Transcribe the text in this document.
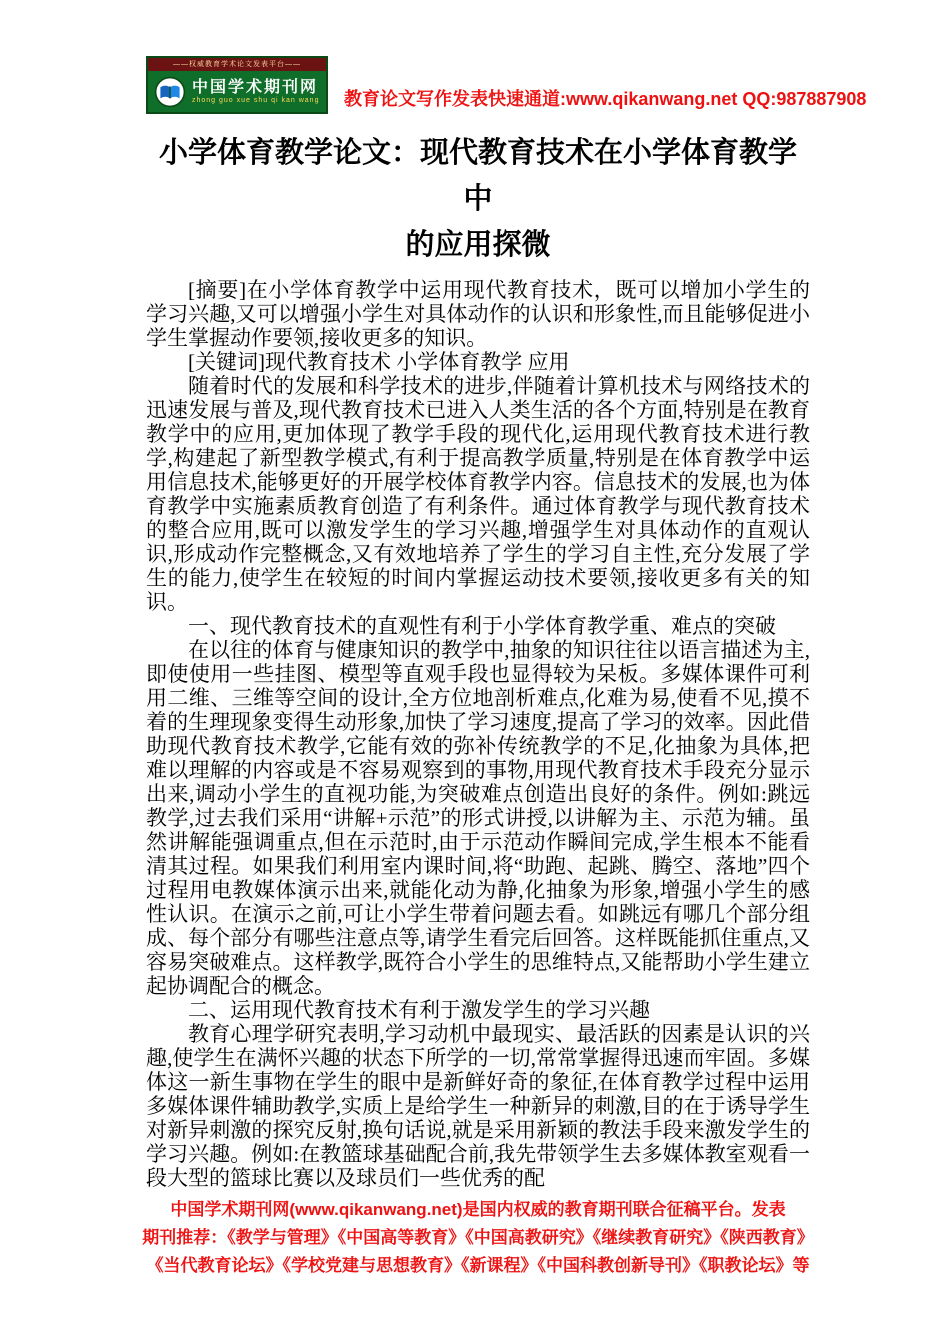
——权威教育学术论文发表平台——
中国学术期刊网
zhong guo xue shu qi kan wang 教育论文写作发表快速通道:www.qikanwang.net QQ:987887908
小学体育教学论文：现代教育技术在小学体育教学中
的应用探微

[摘要]在小学体育教学中运用现代教育技术，既可以增加小学生的学习兴趣,又可以增强小学生对具体动作的认识和形象性,而且能够促进小学生掌握动作要领,接收更多的知识。

[关键词]现代教育技术 小学体育教学 应用

随着时代的发展和科学技术的进步,伴随着计算机技术与网络技术的迅速发展与普及,现代教育技术已进入人类生活的各个方面,特别是在教育教学中的应用,更加体现了教学手段的现代化,运用现代教育技术进行教学,构建起了新型教学模式,有利于提高教学质量,特别是在体育教学中运用信息技术,能够更好的开展学校体育教学内容。信息技术的发展,也为体育教学中实施素质教育创造了有利条件。通过体育教学与现代教育技术的整合应用,既可以激发学生的学习兴趣,增强学生对具体动作的直观认识,形成动作完整概念,又有效地培养了学生的学习自主性,充分发展了学生的能力,使学生在较短的时间内掌握运动技术要领,接收更多有关的知识。

一、现代教育技术的直观性有利于小学体育教学重、难点的突破

在以往的体育与健康知识的教学中,抽象的知识往往以语言描述为主,即使使用一些挂图、模型等直观手段也显得较为呆板。多媒体课件可利用二维、三维等空间的设计,全方位地剖析难点,化难为易,使看不见,摸不着的生理现象变得生动形象,加快了学习速度,提高了学习的效率。因此借助现代教育技术教学,它能有效的弥补传统教学的不足,化抽象为具体,把难以理解的内容或是不容易观察到的事物,用现代教育技术手段充分显示出来,调动小学生的直视功能,为突破难点创造出良好的条件。例如:跳远教学,过去我们采用“讲解+示范”的形式讲授,以讲解为主、示范为辅。虽然讲解能强调重点,但在示范时,由于示范动作瞬间完成,学生根本不能看清其过程。如果我们利用室内课时间,将“助跑、起跳、腾空、落地”四个过程用电教媒体演示出来,就能化动为静,化抽象为形象,增强小学生的感性认识。在演示之前,可让小学生带着问题去看。如跳远有哪几个部分组成、每个部分有哪些注意点等,请学生看完后回答。这样既能抓住重点,又容易突破难点。这样教学,既符合小学生的思维特点,又能帮助小学生建立起协调配合的概念。

二、运用现代教育技术有利于激发学生的学习兴趣

教育心理学研究表明,学习动机中最现实、最活跃的因素是认识的兴趣,使学生在满怀兴趣的状态下所学的一切,常常掌握得迅速而牢固。多媒体这一新生事物在学生的眼中是新鲜好奇的象征,在体育教学过程中运用多媒体课件辅助教学,实质上是给学生一种新异的刺激,目的在于诱导学生对新异刺激的探究反射,换句话说,就是采用新颖的教法手段来激发学生的学习兴趣。例如:在教篮球基础配合前,我先带领学生去多媒体教室观看一段大型的篮球比赛以及球员们一些优秀的配

中国学术期刊网(www.qikanwang.net)是国内权威的教育期刊联合征稿平台。发表

期刊推荐：《教学与管理》《中国高等教育》《中国高教研究》《继续教育研究》《陕西教育》

《当代教育论坛》《学校党建与思想教育》《新课程》《中国科教创新导刊》《职教论坛》等
